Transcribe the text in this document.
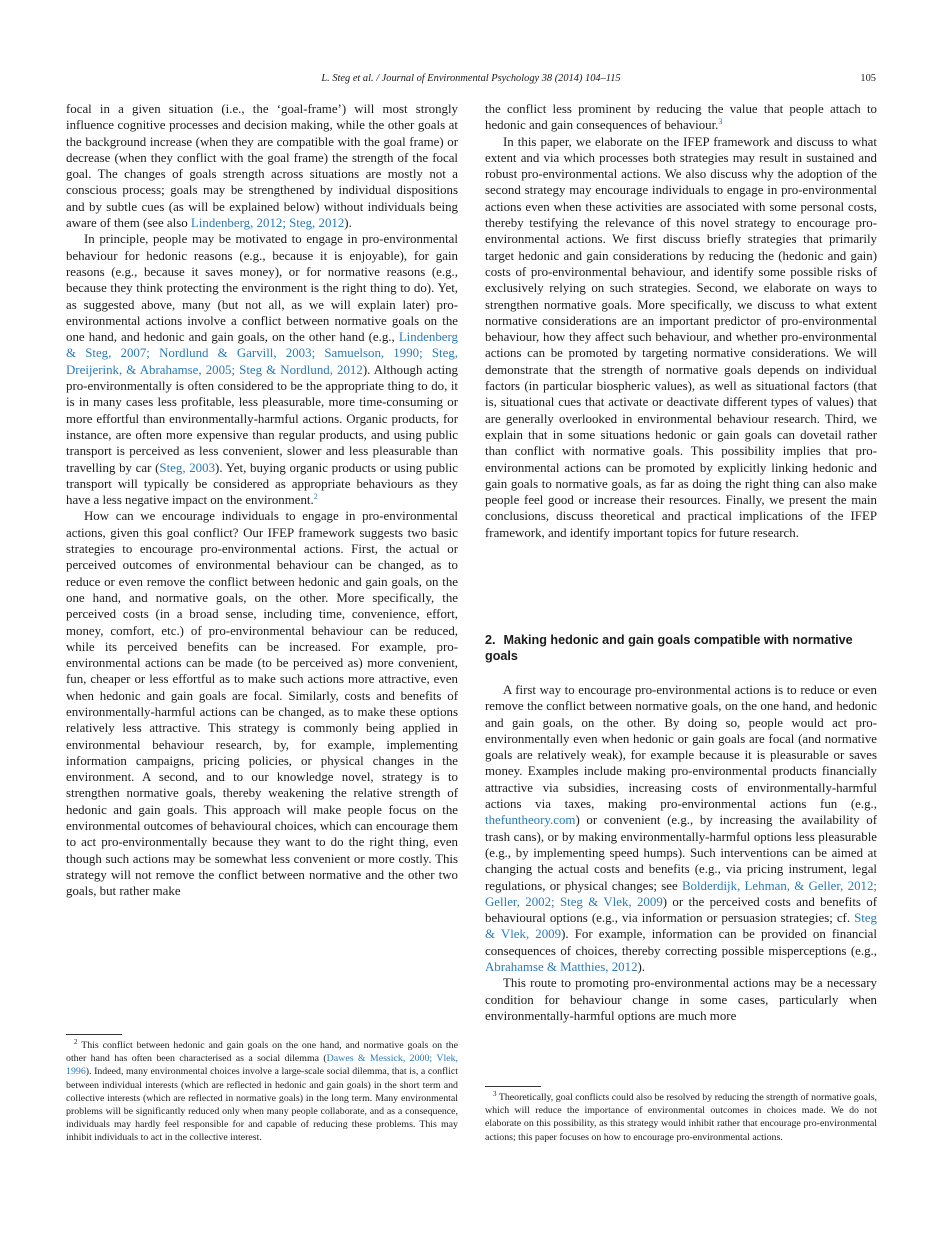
L. Steg et al. / Journal of Environmental Psychology 38 (2014) 104–115	105

focal in a given situation (i.e., the ‘goal-frame’) will most strongly influence cognitive processes and decision making, while the other goals at the background increase (when they are compatible with the goal frame) or decrease (when they conflict with the goal frame) the strength of the focal goal. The changes of goals strength across situations are mostly not a conscious process; goals may be strengthened by individual dispositions and by subtle cues (as will be explained below) without individuals being aware of them (see also Lindenberg, 2012; Steg, 2012).

In principle, people may be motivated to engage in pro-environmental behaviour for hedonic reasons (e.g., because it is enjoyable), for gain reasons (e.g., because it saves money), or for normative reasons (e.g., because they think protecting the environment is the right thing to do). Yet, as suggested above, many (but not all, as we will explain later) pro-environmental actions involve a conflict between normative goals on the one hand, and hedonic and gain goals, on the other hand (e.g., Lindenberg & Steg, 2007; Nordlund & Garvill, 2003; Samuelson, 1990; Steg, Dreijerink, & Abrahamse, 2005; Steg & Nordlund, 2012). Although acting pro-environmentally is often considered to be the appropriate thing to do, it is in many cases less profitable, less pleasurable, more time-consuming or more effortful than environmentally-harmful actions. Organic products, for instance, are often more expensive than regular products, and using public transport is perceived as less convenient, slower and less pleasurable than travelling by car (Steg, 2003). Yet, buying organic products or using public transport will typically be considered as appropriate behaviours as they have a less negative impact on the environment.$^2$

How can we encourage individuals to engage in pro-environmental actions, given this goal conflict? Our IFEP framework suggests two basic strategies to encourage pro-environmental actions. First, the actual or perceived outcomes of environmental behaviour can be changed, as to reduce or even remove the conflict between hedonic and gain goals, on the one hand, and normative goals, on the other. More specifically, the perceived costs (in a broad sense, including time, convenience, effort, money, comfort, etc.) of pro-environmental behaviour can be reduced, while its perceived benefits can be increased. For example, pro-environmental actions can be made (to be perceived as) more convenient, fun, cheaper or less effortful as to make such actions more attractive, even when hedonic and gain goals are focal. Similarly, costs and benefits of environmentally-harmful actions can be changed, as to make these options relatively less attractive. This strategy is commonly being applied in environmental behaviour research, by, for example, implementing information campaigns, pricing policies, or physical changes in the environment. A second, and to our knowledge novel, strategy is to strengthen normative goals, thereby weakening the relative strength of hedonic and gain goals. This approach will make people focus on the environmental outcomes of behavioural choices, which can encourage them to act pro-environmentally because they want to do the right thing, even though such actions may be somewhat less convenient or more costly. This strategy will not remove the conflict between normative and the other two goals, but rather make

the conflict less prominent by reducing the value that people attach to hedonic and gain consequences of behaviour.$^3$

In this paper, we elaborate on the IFEP framework and discuss to what extent and via which processes both strategies may result in sustained and robust pro-environmental actions. We also discuss why the adoption of the second strategy may encourage individuals to engage in pro-environmental actions even when these activities are associated with some personal costs, thereby testifying the relevance of this novel strategy to encourage pro-environmental actions. We first discuss briefly strategies that primarily target hedonic and gain considerations by reducing the (hedonic and gain) costs of pro-environmental behaviour, and identify some possible risks of exclusively relying on such strategies. Second, we elaborate on ways to strengthen normative goals. More specifically, we discuss to what extent normative considerations are an important predictor of pro-environmental behaviour, how they affect such behaviour, and whether pro-environmental actions can be promoted by targeting normative considerations. We will demonstrate that the strength of normative goals depends on individual factors (in particular biospheric values), as well as situational factors (that is, situational cues that activate or deactivate different types of values) that are generally overlooked in environmental behaviour research. Third, we explain that in some situations hedonic or gain goals can dovetail rather than conflict with normative goals. This possibility implies that pro-environmental actions can be promoted by explicitly linking hedonic and gain goals to normative goals, as far as doing the right thing can also make people feel good or increase their resources. Finally, we present the main conclusions, discuss theoretical and practical implications of the IFEP framework, and identify important topics for future research.

2. Making hedonic and gain goals compatible with normative goals

A first way to encourage pro-environmental actions is to reduce or even remove the conflict between normative goals, on the one hand, and hedonic and gain goals, on the other. By doing so, people would act pro-environmentally even when hedonic or gain goals are focal (and normative goals are relatively weak), for example because it is pleasurable or saves money. Examples include making pro-environmental products financially attractive via subsidies, increasing costs of environmentally-harmful actions via taxes, making pro-environmental actions fun (e.g., thefuntheory.com) or convenient (e.g., by increasing the availability of trash cans), or by making environmentally-harmful options less pleasurable (e.g., by implementing speed humps). Such interventions can be aimed at changing the actual costs and benefits (e.g., via pricing instrument, legal regulations, or physical changes; see Bolderdijk, Lehman, & Geller, 2012; Geller, 2002; Steg & Vlek, 2009) or the perceived costs and benefits of behavioural options (e.g., via information or persuasion strategies; cf. Steg & Vlek, 2009). For example, information can be provided on financial consequences of choices, thereby correcting possible misperceptions (e.g., Abrahamse & Matthies, 2012).

This route to promoting pro-environmental actions may be a necessary condition for behaviour change in some cases, particularly when environmentally-harmful options are much more

$^2$ This conflict between hedonic and gain goals on the one hand, and normative goals on the other hand has often been characterised as a social dilemma (Dawes & Messick, 2000; Vlek, 1996). Indeed, many environmental choices involve a large-scale social dilemma, that is, a conflict between individual interests (which are reflected in hedonic and gain goals) in the short term and collective interests (which are reflected in normative goals) in the long term. Many environmental problems will be significantly reduced only when many people collaborate, and as a consequence, individuals may hardly feel responsible for and capable of reducing these problems. This may inhibit individuals to act in the collective interest.

$^3$ Theoretically, goal conflicts could also be resolved by reducing the strength of normative goals, which will reduce the importance of environmental outcomes in choices made. We do not elaborate on this possibility, as this strategy would inhibit rather that encourage pro-environmental actions; this paper focuses on how to encourage pro-environmental actions.
